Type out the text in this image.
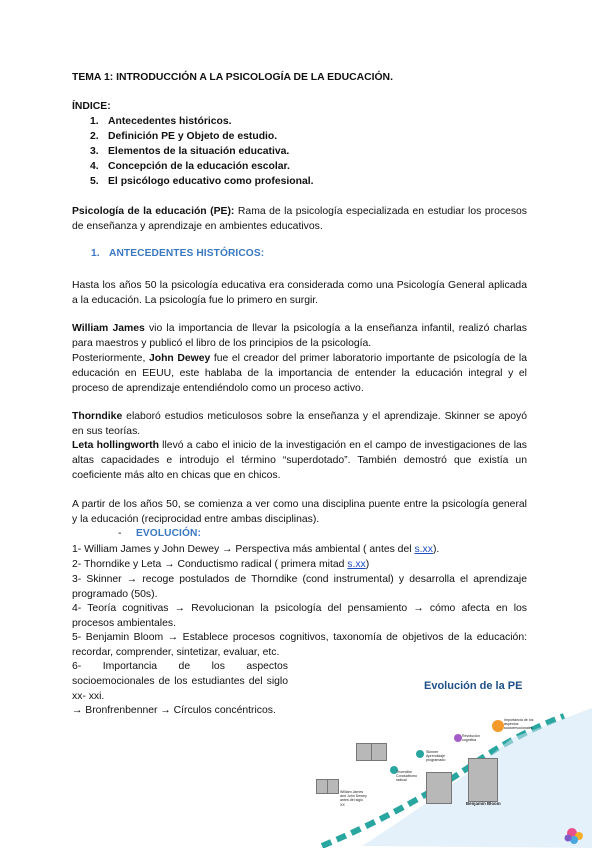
TEMA 1: INTRODUCCIÓN A LA PSICOLOGÍA DE LA EDUCACIÓN.
ÍNDICE:
1. Antecedentes históricos.
2. Definición PE y Objeto de estudio.
3. Elementos de la situación educativa.
4. Concepción de la educación escolar.
5. El psicólogo educativo como profesional.
Psicología de la educación (PE): Rama de la psicología especializada en estudiar los procesos de enseñanza y aprendizaje en ambientes educativos.
1. ANTECEDENTES HISTÓRICOS:
Hasta los años 50 la psicología educativa era considerada como una Psicología General aplicada a la educación. La psicología fue lo primero en surgir.
William James vio la importancia de llevar la psicología a la enseñanza infantil, realizó charlas para maestros y publicó el libro de los principios de la psicología.
Posteriormente, John Dewey fue el creador del primer laboratorio importante de psicología de la educación en EEUU, este hablaba de la importancia de entender la educación integral y el proceso de aprendizaje entendiéndolo como un proceso activo.
Thorndike elaboró estudios meticulosos sobre la enseñanza y el aprendizaje. Skinner se apoyó en sus teorías.
Leta hollingworth llevó a cabo el inicio de la investigación en el campo de investigaciones de las altas capacidades e introdujo el término “superdotado”. También demostró que existía un coeficiente más alto en chicas que en chicos.
A partir de los años 50, se comienza a ver como una disciplina puente entre la psicología general y la educación (reciprocidad entre ambas disciplinas).
- EVOLUCIÓN:
1- William James y John Dewey → Perspectiva más ambiental ( antes del s.xx).
2- Thorndike y Leta → Conductismo radical ( primera mitad s.xx)
3- Skinner → recoge postulados de Thorndike (cond instrumental) y desarrolla el aprendizaje programado (50s).
4- Teoría cognitivas → Revolucionan la psicología del pensamiento → cómo afecta en los procesos ambientales.
5- Benjamin Bloom → Establece procesos cognitivos, taxonomía de objetivos de la educación: recordar, comprender, sintetizar, evaluar, etc.
6- Importancia de los aspectos socioemocionales de los estudiantes del siglo xx- xxi.
→ Bronfrenbenner → Círculos concéntricos.
Evolución de la PE
William James and John Dewey antes del siglo XX
Thorndike Conductismo radical
Skinner Aprendizaje programado
Revolución cognitiva
Importancia de los aspectos socioemocionales
Benjamin Bloom
